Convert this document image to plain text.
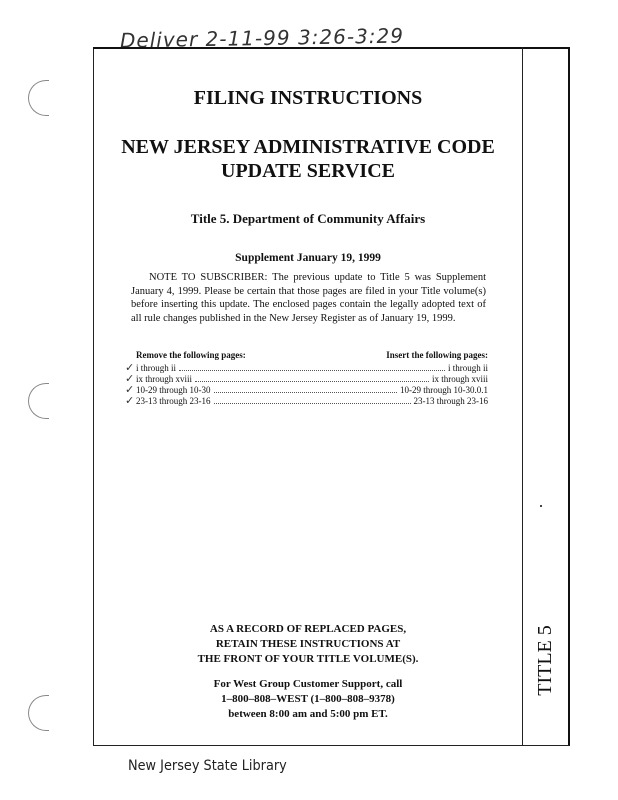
Deliver 2-11-99 3:26-3:29
FILING INSTRUCTIONS
NEW JERSEY ADMINISTRATIVE CODE
UPDATE SERVICE
Title 5. Department of Community Affairs
Supplement January 19, 1999
NOTE TO SUBSCRIBER: The previous update to Title 5 was Supplement January 4, 1999. Please be certain that those pages are filed in your Title volume(s) before inserting this update. The enclosed pages contain the legally adopted text of all rule changes published in the New Jersey Register as of January 19, 1999.
Remove the following pages:	Insert the following pages:
✓ i through ii	i through ii
✓ ix through xviii	ix through xviii
✓ 10-29 through 10-30	10-29 through 10-30.0.1
✓ 23-13 through 23-16	23-13 through 23-16
AS A RECORD OF REPLACED PAGES,
RETAIN THESE INSTRUCTIONS AT
THE FRONT OF YOUR TITLE VOLUME(S).
For West Group Customer Support, call
1–800–808–WEST (1–800–808–9378)
between 8:00 am and 5:00 pm ET.
TITLE 5
New Jersey State Library
